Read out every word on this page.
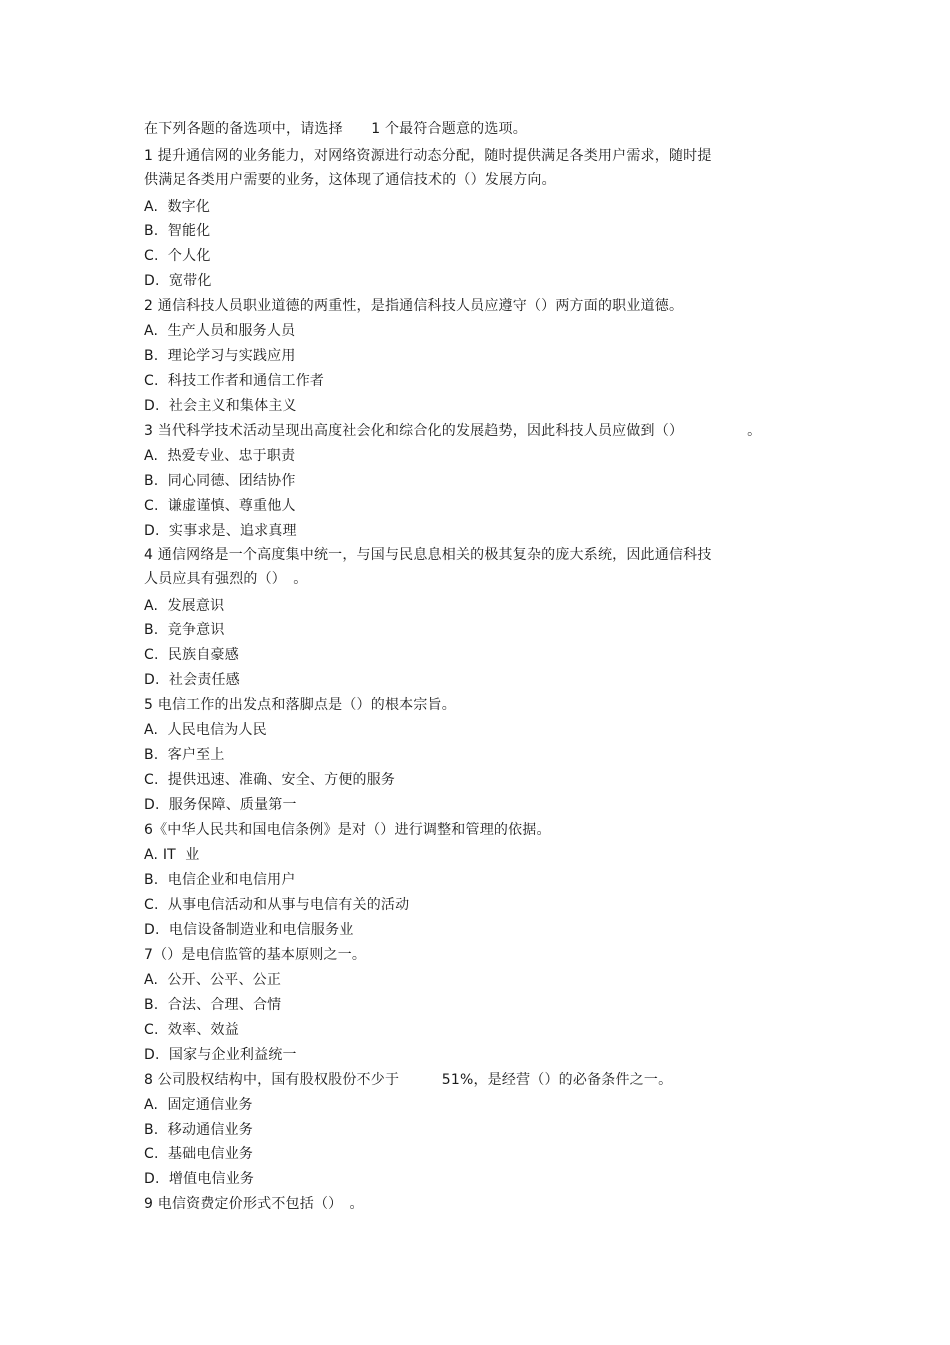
在下列各题的备选项中，请选择　　1 个最符合题意的选项。
1 提升通信网的业务能力，对网络资源进行动态分配，随时提供满足各类用户需求，随时提
供满足各类用户需要的业务，这体现了通信技术的（）发展方向。
A.  数字化
B.  智能化
C.  个人化
D.  宽带化
2 通信科技人员职业道德的两重性，是指通信科技人员应遵守（）两方面的职业道德。
A.  生产人员和服务人员
B.  理论学习与实践应用
C.  科技工作者和通信工作者
D.  社会主义和集体主义
3 当代科学技术活动呈现出高度社会化和综合化的发展趋势，因此科技人员应做到（）　　　　　。
A.  热爱专业、忠于职责
B.  同心同德、团结协作
C.  谦虚谨慎、尊重他人
D.  实事求是、追求真理
4 通信网络是一个高度集中统一，与国与民息息相关的极其复杂的庞大系统，因此通信科技
人员应具有强烈的（）　。
A.  发展意识
B.  竞争意识
C.  民族自豪感
D.  社会责任感
5 电信工作的出发点和落脚点是（）的根本宗旨。
A.  人民电信为人民
B.  客户至上
C.  提供迅速、准确、安全、方便的服务
D.  服务保障、质量第一
6《中华人民共和国电信条例》是对（）进行调整和管理的依据。
A. IT  业
B.  电信企业和电信用户
C.  从事电信活动和从事与电信有关的活动
D.  电信设备制造业和电信服务业
7（）是电信监管的基本原则之一。
A.  公开、公平、公正
B.  合法、合理、合情
C.  效率、效益
D.  国家与企业利益统一
8 公司股权结构中，国有股权股份不少于　　　51%，是经营（）的必备条件之一。
A.  固定通信业务
B.  移动通信业务
C.  基础电信业务
D.  增值电信业务
9 电信资费定价形式不包括（）　。
